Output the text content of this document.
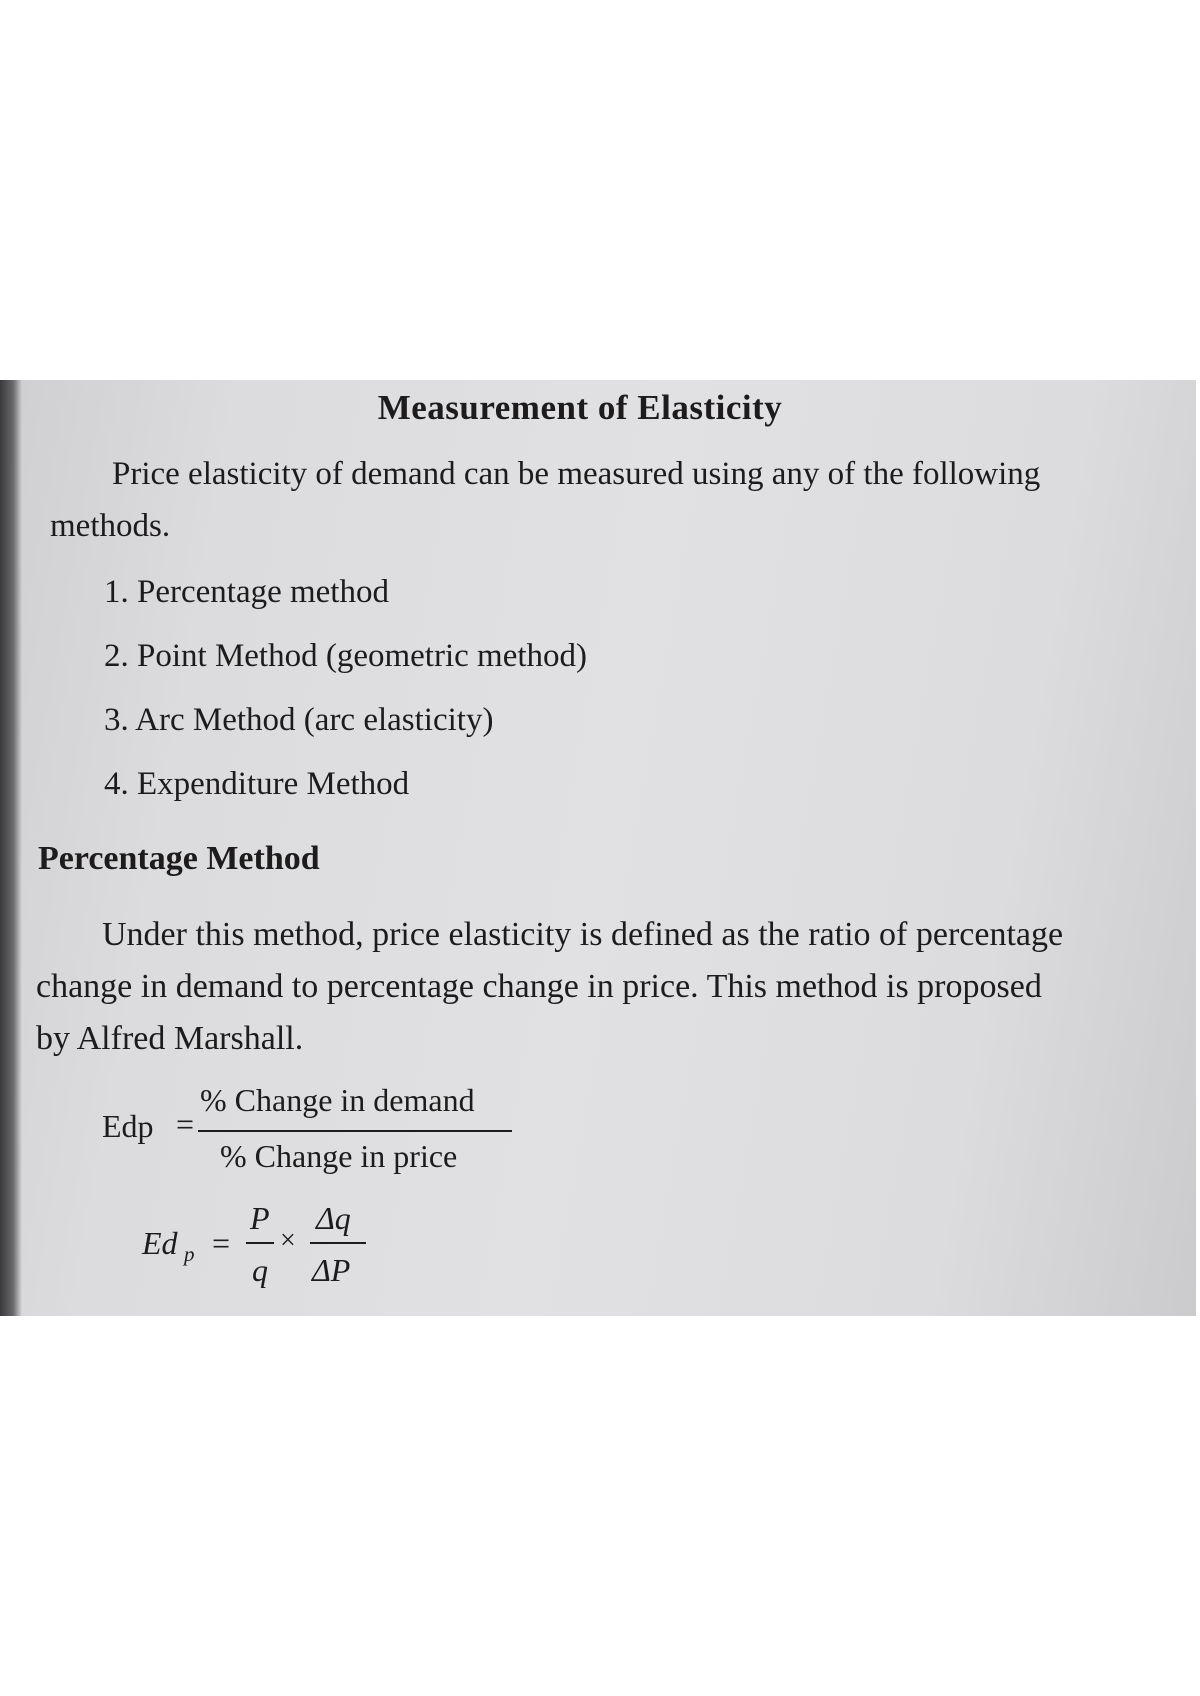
Measurement of Elasticity
Price elasticity of demand can be measured using any of the following
methods.
1. Percentage method
2. Point Method (geometric method)
3. Arc Method (arc elasticity)
4. Expenditure Method
Percentage Method
Under this method, price elasticity is defined as the ratio of percentage
change in demand to percentage change in price. This method is proposed
by Alfred Marshall.
Edp =
% Change in demand
% Change in price
Ed p =
P
q
×
Δq
ΔP
